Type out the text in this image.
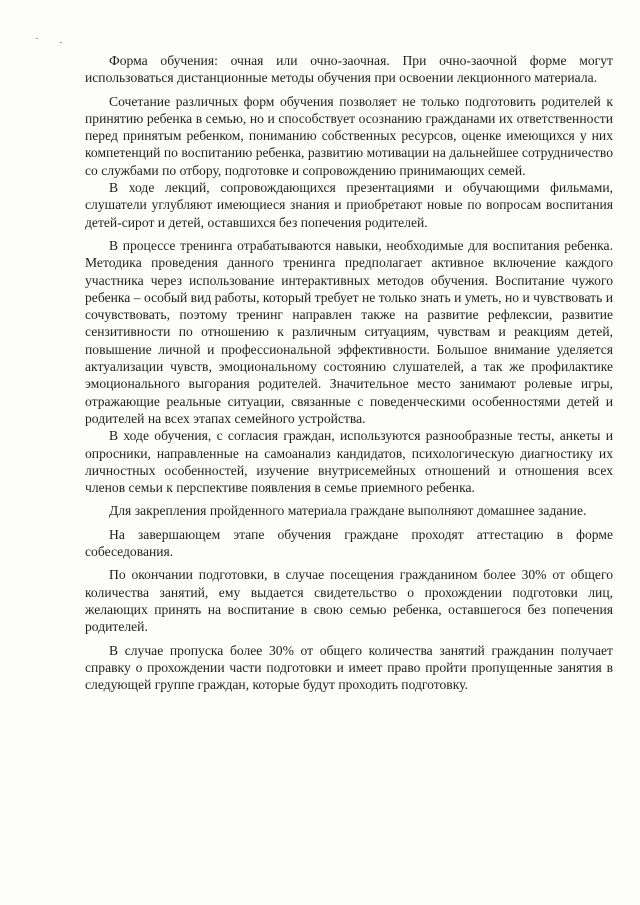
Форма обучения: очная или очно-заочная. При очно-заочной форме могут использоваться дистанционные методы обучения при освоении лекционного материала.

Сочетание различных форм обучения позволяет не только подготовить родителей к принятию ребенка в семью, но и способствует осознанию гражданами их ответственности перед принятым ребенком, пониманию собственных ресурсов, оценке имеющихся у них компетенций по воспитанию ребенка, развитию мотивации на дальнейшее сотрудничество со службами по отбору, подготовке и сопровождению принимающих семей.

В ходе лекций, сопровождающихся презентациями и обучающими фильмами, слушатели углубляют имеющиеся знания и приобретают новые по вопросам воспитания детей-сирот и детей, оставшихся без попечения родителей.

В процессе тренинга отрабатываются навыки, необходимые для воспитания ребенка. Методика проведения данного тренинга предполагает активное включение каждого участника через использование интерактивных методов обучения. Воспитание чужого ребенка – особый вид работы, который требует не только знать и уметь, но и чувствовать и сочувствовать, поэтому тренинг направлен также на развитие рефлексии, развитие сензитивности по отношению к различным ситуациям, чувствам и реакциям детей, повышение личной и профессиональной эффективности. Большое внимание уделяется актуализации чувств, эмоциональному состоянию слушателей, а так же профилактике эмоционального выгорания родителей. Значительное место занимают ролевые игры, отражающие реальные ситуации, связанные с поведенческими особенностями детей и родителей на всех этапах семейного устройства.

В ходе обучения, с согласия граждан, используются разнообразные тесты, анкеты и опросники, направленные на самоанализ кандидатов, психологическую диагностику их личностных особенностей, изучение внутрисемейных отношений и отношения всех членов семьи к перспективе появления в семье приемного ребенка.

Для закрепления пройденного материала граждане выполняют домашнее задание.

На завершающем этапе обучения граждане проходят аттестацию в форме собеседования.

По окончании подготовки, в случае посещения гражданином более 30% от общего количества занятий, ему выдается свидетельство о прохождении подготовки лиц, желающих принять на воспитание в свою семью ребенка, оставшегося без попечения родителей.

В случае пропуска более 30% от общего количества занятий гражданин получает справку о прохождении части подготовки и имеет право пройти пропущенные занятия в следующей группе граждан, которые будут проходить подготовку.
